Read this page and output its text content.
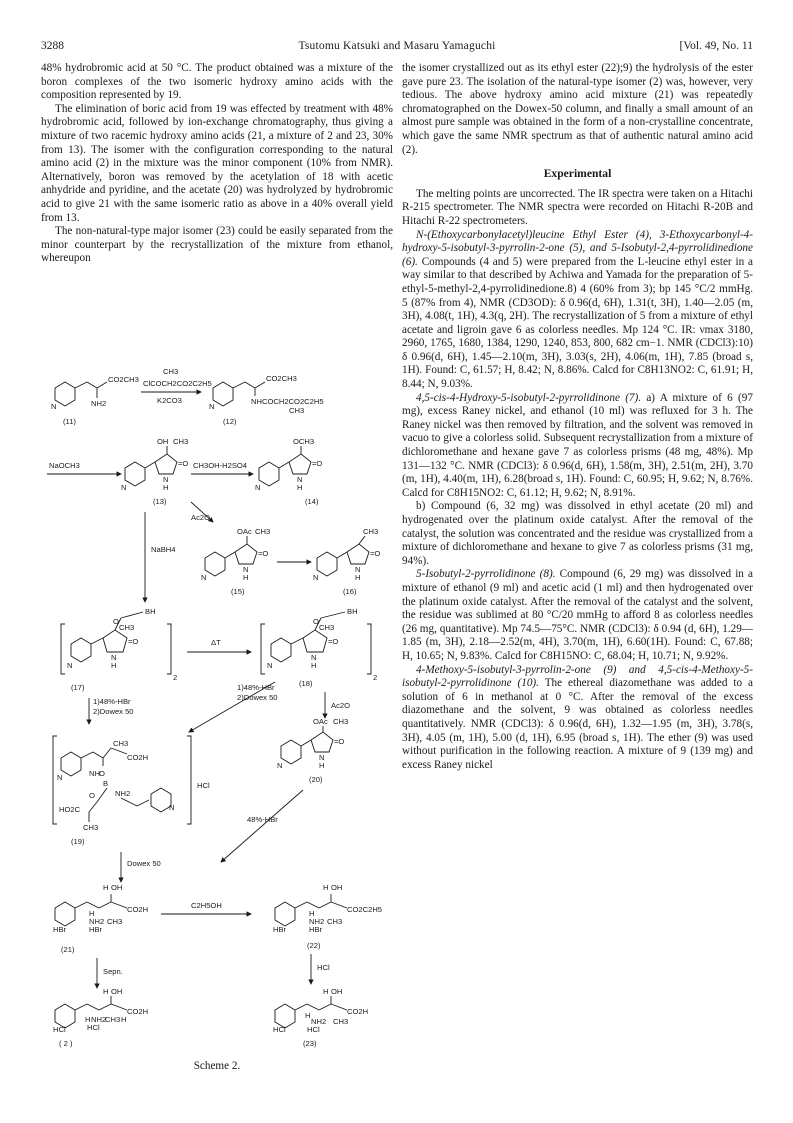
3288	Tsutomu Katsuki and Masaru Yamaguchi	[Vol. 49, No. 11

48% hydrobromic acid at 50 °C. The product obtained was a mixture of the boron complexes of the two isomeric hydroxy amino acids with the composition represented by 19.

The elimination of boric acid from 19 was effected by treatment with 48% hydrobromic acid, followed by ion-exchange chromatography, thus giving a mixture of two racemic hydroxy amino acids (21, a mixture of 2 and 23, 30% from 13). The isomer with the configuration corresponding to the natural amino acid (2) in the mixture was the minor component (10% from NMR). Alternatively, boron was removed by the acetylation of 18 with acetic anhydride and pyridine, and the acetate (20) was hydrolyzed by hydrobromic acid to give 21 with the same isomeric ratio as above in a 40% overall yield from 13.

The non-natural-type major isomer (23) could be easily separated from the minor counterpart by the recrystallization of the mixture from ethanol, whereupon

CO2CH3
NH2
N
(11)
CH3
ClCOCH2CO2C2H5
K2CO3
CO2CH3
NHCOCH2CO2C2H5
CH3
N
(12)
NaOCH3
OH CH3
=O
N
H
N
(13)
CH3OH-H2SO4
OCH3
=O
N
H
N
(14)
Ac2O
OAc CH3
=O
N
H
N
(15)
CH3
=O
N
H
N
(16)
NaBH4
2
BH
CH3
O
=O
N
H
N
(17)
ΔT
2
BH
CH3
O
=O
N
H
N
(18)
1)48%-HBr
2)Dowex 50
1)48%-HBr
2)Dowex 50
Ac2O
HCl
CH3
CO2H
NH
B
O
NH2
O
HO2C
CH3
N
N
(19)
OAc CH3
=O
N
H
N
(20)
48%-HBr
Dowex 50
H OH
CO2H
H
NH2
HBr
CH3
HBr
(21)
C2H5OH
H OH
CO2C2H5
H
NH2
HBr
CH3
HBr
(22)
Sepn.	HCl
H OH
CO2H
H NH2
CH3 H
HCl
HCl
( 2 )
H OH
CO2H
H
NH2 CH3
HCl
HCl
(23)
Scheme 2.

the isomer crystallized out as its ethyl ester (22);9) the hydrolysis of the ester gave pure 23. The isolation of the natural-type isomer (2) was, however, very tedious. The above hydroxy amino acid mixture (21) was repeatedly chromatographed on the Dowex-50 column, and finally a small amount of an almost pure sample was obtained in the form of a non-crystalline concentrate, which gave the same NMR spectrum as that of authentic natural amino acid (2).

Experimental

The melting points are uncorrected. The IR spectra were taken on a Hitachi R-215 spectrometer. The NMR spectra were recorded on Hitachi R-20B and Hitachi R-22 spectrometers.

N-(Ethoxycarbonylacetyl)leucine Ethyl Ester (4), 3-Ethoxycarbonyl-4-hydroxy-5-isobutyl-3-pyrrolin-2-one (5), and 5-Isobutyl-2,4-pyrrolidinedione (6). Compounds (4 and 5) were prepared from the L-leucine ethyl ester in a way similar to that described by Achiwa and Yamada for the preparation of 5-ethyl-5-methyl-2,4-pyrrolidinedione.8) 4 (60% from 3); bp 145 °C/2 mmHg. 5 (87% from 4), NMR (CD3OD): δ 0.96(d, 6H), 1.31(t, 3H), 1.40—2.05 (m, 3H), 4.08(t, 1H), 4.3(q, 2H). The recrystallization of 5 from a mixture of ethyl acetate and ligroin gave 6 as colorless needles. Mp 124 °C. IR: νmax 3180, 2960, 1765, 1680, 1384, 1290, 1240, 853, 800, 682 cm−1. NMR (CDCl3):10) δ 0.96(d, 6H), 1.45—2.10(m, 3H), 3.03(s, 2H), 4.06(m, 1H), 7.85 (broad s, 1H). Found: C, 61.57; H, 8.42; N, 8.86%. Calcd for C8H13NO2: C, 61.91; H, 8.44; N, 9.03%.

4,5-cis-4-Hydroxy-5-isobutyl-2-pyrrolidinone (7). a) A mixture of 6 (97 mg), excess Raney nickel, and ethanol (10 ml) was refluxed for 3 h. The Raney nickel was then removed by filtration, and the solvent was removed in vacuo to give a colorless solid. Subsequent recrystallization from a mixture of dichloromethane and hexane gave 7 as colorless prisms (48 mg, 48%). Mp 131—132 °C. NMR (CDCl3): δ 0.96(d, 6H), 1.58(m, 3H), 2.51(m, 2H), 3.70 (m, 1H), 4.40(m, 1H), 6.28(broad s, 1H). Found: C, 60.95; H, 9.62; N, 8.76%. Calcd for C8H15NO2: C, 61.12; H, 9.62; N, 8.91%.

b) Compound (6, 32 mg) was dissolved in ethyl acetate (20 ml) and hydrogenated over the platinum oxide catalyst. After the removal of the catalyst, the solution was concentrated and the residue was crystallized from a mixture of dichloromethane and hexane to give 7 as colorless prisms (31 mg, 94%).

5-Isobutyl-2-pyrrolidinone (8). Compound (6, 29 mg) was dissolved in a mixture of ethanol (9 ml) and acetic acid (1 ml) and then hydrogenated over the platinum oxide catalyst. After the removal of the catalyst and the solvent, the residue was sublimed at 80 °C/20 mmHg to afford 8 as colorless needles (26 mg, quantitative). Mp 74.5—75°C. NMR (CDCl3): δ 0.94 (d, 6H), 1.29—1.85 (m, 3H), 2.18—2.52(m, 4H), 3.70(m, 1H), 6.60(1H). Found: C, 67.88; H, 10.65; N, 9.83%. Calcd for C8H15NO: C, 68.04; H, 10.71; N, 9.92%.

4-Methoxy-5-isobutyl-3-pyrrolin-2-one (9) and 4,5-cis-4-Methoxy-5-isobutyl-2-pyrrolidinone (10). The ethereal diazomethane was added to a solution of 6 in methanol at 0 °C. After the removal of the excess diazomethane and the solvent, 9 was obtained as colorless needles quantitatively. NMR (CDCl3): δ 0.96(d, 6H), 1.32—1.95 (m, 3H), 3.78(s, 3H), 4.05 (m, 1H), 5.00 (d, 1H), 6.95 (broad s, 1H). The ether (9) was used without purification in the following reaction. A mixture of 9 (139 mg) and excess Raney nickel
